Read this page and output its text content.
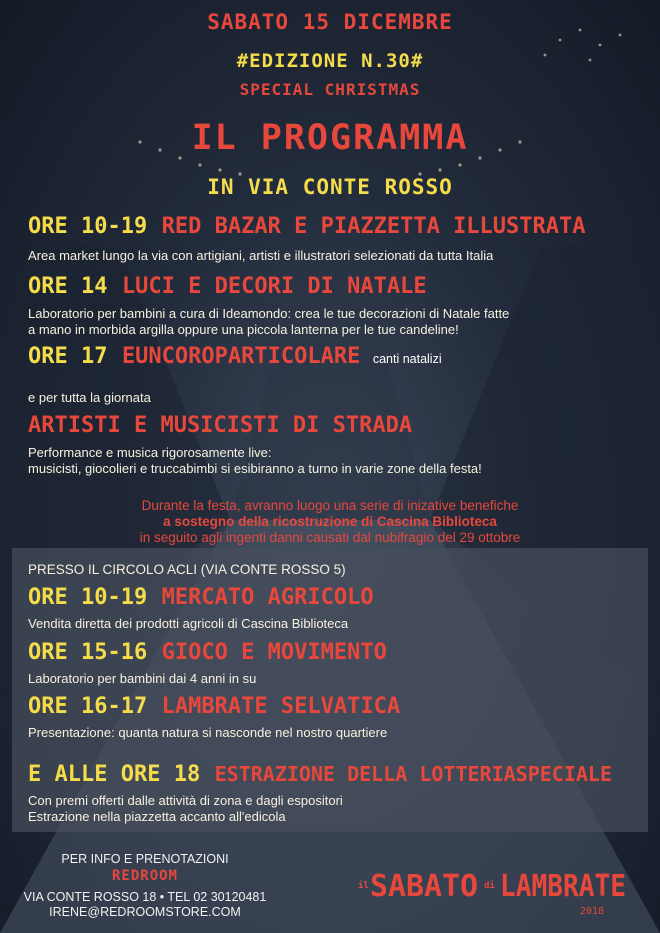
SABATO 15 DICEMBRE
#EDIZIONE N.30#
SPECIAL CHRISTMAS
IL PROGRAMMA
IN VIA CONTE ROSSO
ORE 10-19 RED BAZAR E PIAZZETTA ILLUSTRATA
Area market lungo la via con artigiani, artisti e illustratori selezionati da tutta Italia
ORE 14 LUCI E DECORI DI NATALE
Laboratorio per bambini a cura di Ideamondo: crea le tue decorazioni di Natale fatte
a mano in morbida argilla oppure una piccola lanterna per le tue candeline!
ORE 17 EUNCOROPARTICOLARE canti natalizi
e per tutta la giornata
ARTISTI E MUSICISTI DI STRADA
Performance e musica rigorosamente live:
musicisti, giocolieri e truccabimbi si esibiranno a turno in varie zone della festa!
Durante la festa, avranno luogo una serie di inizative benefiche
a sostegno della ricostruzione di Cascina Biblioteca
in seguito agli ingenti danni causati dal nubifragio del 29 ottobre
PRESSO IL CIRCOLO ACLI (VIA CONTE ROSSO 5)
ORE 10-19 MERCATO AGRICOLO
Vendita diretta dei prodotti agricoli di Cascina Biblioteca
ORE 15-16 GIOCO E MOVIMENTO
Laboratorio per bambini dai 4 anni in su
ORE 16-17 LAMBRATE SELVATICA
Presentazione: quanta natura si nasconde nel nostro quartiere
E ALLE ORE 18 ESTRAZIONE DELLA LOTTERIASPECIALE
Con premi offerti dalle attività di zona e dagli espositori
Estrazione nella piazzetta accanto all'edicola
PER INFO E PRENOTAZIONI
REDROOM
VIA CONTE ROSSO 18 • TEL 02 30120481
IRENE@REDROOMSTORE.COM
il SABATO di LAMBRATE
2018
